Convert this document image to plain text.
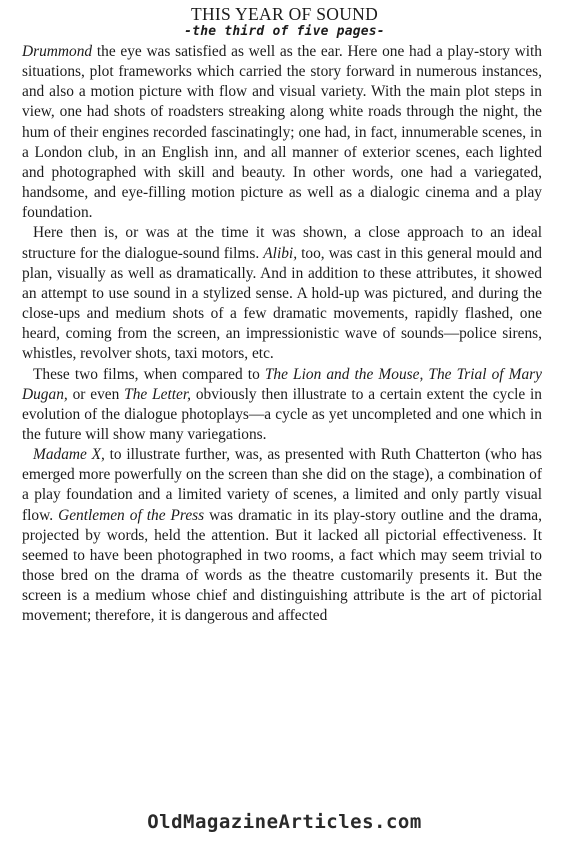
THIS YEAR OF SOUND
-the third of five pages-

Drummond the eye was satisfied as well as the ear. Here one had a play-story with situations, plot frameworks which carried the story forward in numerous instances, and also a motion picture with flow and visual variety. With the main plot steps in view, one had shots of roadsters streaking along white roads through the night, the hum of their engines recorded fascinatingly; one had, in fact, innumerable scenes, in a London club, in an English inn, and all manner of exterior scenes, each lighted and photographed with skill and beauty. In other words, one had a variegated, handsome, and eye-filling motion picture as well as a dialogic cinema and a play foundation.

Here then is, or was at the time it was shown, a close approach to an ideal structure for the dialogue-sound films. Alibi, too, was cast in this general mould and plan, visually as well as dramatically. And in addition to these attributes, it showed an attempt to use sound in a stylized sense. A hold-up was pictured, and during the close-ups and medium shots of a few dramatic movements, rapidly flashed, one heard, coming from the screen, an impressionistic wave of sounds—police sirens, whistles, revolver shots, taxi motors, etc.

These two films, when compared to The Lion and the Mouse, The Trial of Mary Dugan, or even The Letter, obviously then illustrate to a certain extent the cycle in evolution of the dialogue photoplays—a cycle as yet uncompleted and one which in the future will show many variegations.

Madame X, to illustrate further, was, as presented with Ruth Chatterton (who has emerged more powerfully on the screen than she did on the stage), a combination of a play foundation and a limited variety of scenes, a limited and only partly visual flow. Gentlemen of the Press was dramatic in its play-story outline and the drama, projected by words, held the attention. But it lacked all pictorial effectiveness. It seemed to have been photographed in two rooms, a fact which may seem trivial to those bred on the drama of words as the theatre customarily presents it. But the screen is a medium whose chief and distinguishing attribute is the art of pictorial movement; therefore, it is dangerous and affected

OldMagazineArticles.com
